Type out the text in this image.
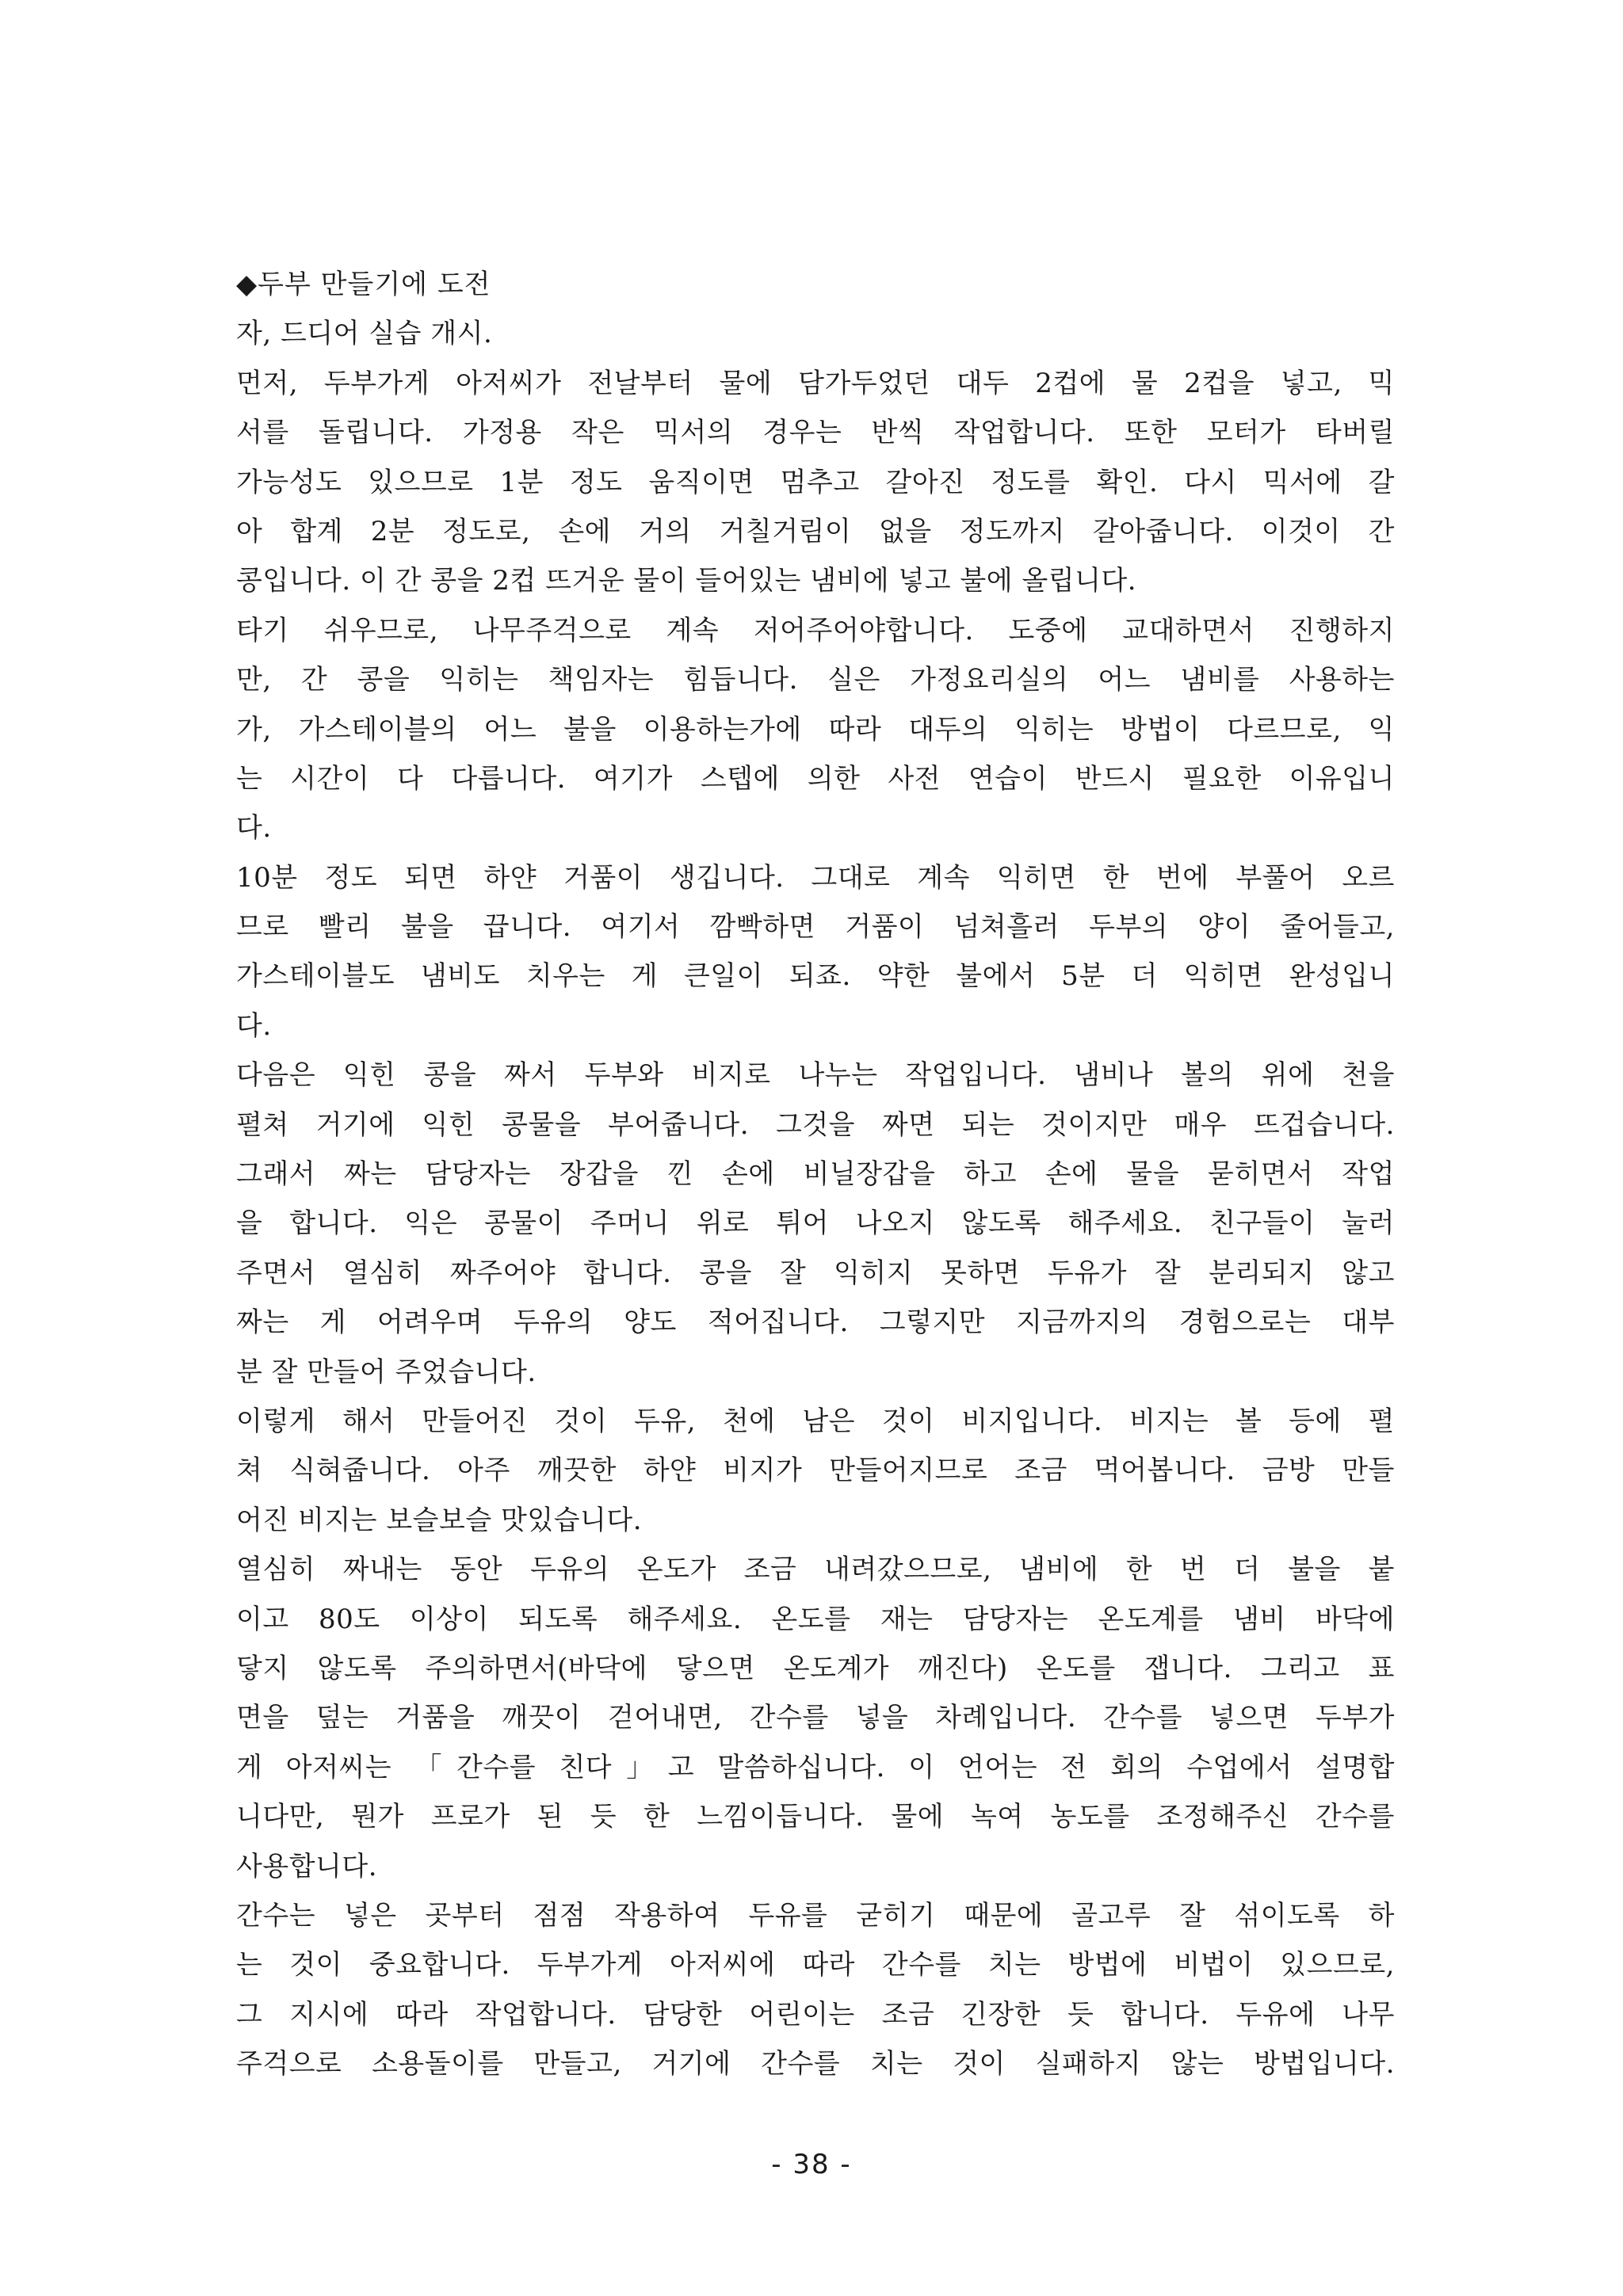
◆두부 만들기에 도전
자, 드디어 실습 개시.
먼저, 두부가게 아저씨가 전날부터 물에 담가두었던 대두 2컵에 물 2컵을 넣고, 믹
서를 돌립니다. 가정용 작은 믹서의 경우는 반씩 작업합니다. 또한 모터가 타버릴
가능성도 있으므로 1분 정도 움직이면 멈추고 갈아진 정도를 확인. 다시 믹서에 갈
아 합계 2분 정도로, 손에 거의 거칠거림이 없을 정도까지 갈아줍니다. 이것이 간
콩입니다. 이 간 콩을 2컵 뜨거운 물이 들어있는 냄비에 넣고 불에 올립니다.
타기 쉬우므로, 나무주걱으로 계속 저어주어야합니다. 도중에 교대하면서 진행하지
만, 간 콩을 익히는 책임자는 힘듭니다. 실은 가정요리실의 어느 냄비를 사용하는
가, 가스테이블의 어느 불을 이용하는가에 따라 대두의 익히는 방법이 다르므로, 익
는 시간이 다 다릅니다. 여기가 스텝에 의한 사전 연습이 반드시 필요한 이유입니
다.
10분 정도 되면 하얀 거품이 생깁니다. 그대로 계속 익히면 한 번에 부풀어 오르
므로 빨리 불을 끕니다. 여기서 깜빡하면 거품이 넘쳐흘러 두부의 양이 줄어들고,
가스테이블도 냄비도 치우는 게 큰일이 되죠. 약한 불에서 5분 더 익히면 완성입니
다.
다음은 익힌 콩을 짜서 두부와 비지로 나누는 작업입니다. 냄비나 볼의 위에 천을
펼쳐 거기에 익힌 콩물을 부어줍니다. 그것을 짜면 되는 것이지만 매우 뜨겁습니다.
그래서 짜는 담당자는 장갑을 낀 손에 비닐장갑을 하고 손에 물을 묻히면서 작업
을 합니다. 익은 콩물이 주머니 위로 튀어 나오지 않도록 해주세요. 친구들이 눌러
주면서 열심히 짜주어야 합니다. 콩을 잘 익히지 못하면 두유가 잘 분리되지 않고
짜는 게 어려우며 두유의 양도 적어집니다. 그렇지만 지금까지의 경험으로는 대부
분 잘 만들어 주었습니다.
이렇게 해서 만들어진 것이 두유, 천에 남은 것이 비지입니다. 비지는 볼 등에 펼
쳐 식혀줍니다. 아주 깨끗한 하얀 비지가 만들어지므로 조금 먹어봅니다. 금방 만들
어진 비지는 보슬보슬 맛있습니다.
열심히 짜내는 동안 두유의 온도가 조금 내려갔으므로, 냄비에 한 번 더 불을 붙
이고 80도 이상이 되도록 해주세요. 온도를 재는 담당자는 온도계를 냄비 바닥에
닿지 않도록 주의하면서(바닥에 닿으면 온도계가 깨진다) 온도를 잽니다. 그리고 표
면을 덮는 거품을 깨끗이 걷어내면, 간수를 넣을 차례입니다. 간수를 넣으면 두부가
게 아저씨는 「간수를 친다」고 말씀하십니다. 이 언어는 전 회의 수업에서 설명합
니다만, 뭔가 프로가 된 듯 한 느낌이듭니다. 물에 녹여 농도를 조정해주신 간수를
사용합니다.
간수는 넣은 곳부터 점점 작용하여 두유를 굳히기 때문에 골고루 잘 섞이도록 하
는 것이 중요합니다. 두부가게 아저씨에 따라 간수를 치는 방법에 비법이 있으므로,
그 지시에 따라 작업합니다. 담당한 어린이는 조금 긴장한 듯 합니다. 두유에 나무
주걱으로 소용돌이를 만들고, 거기에 간수를 치는 것이 실패하지 않는 방법입니다.
- 38 -
